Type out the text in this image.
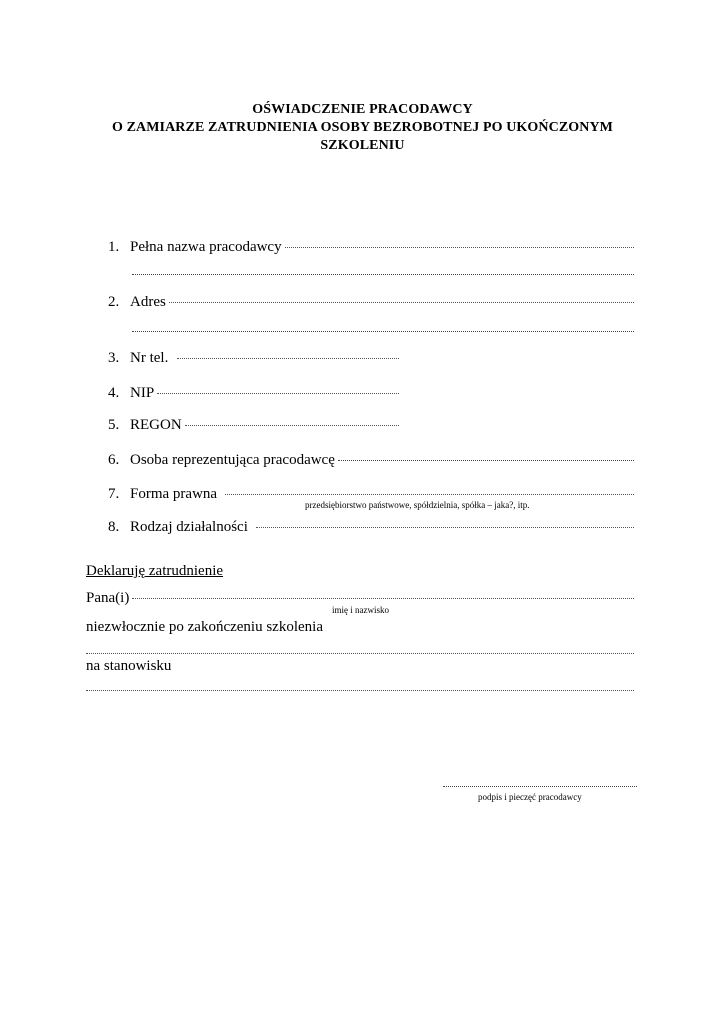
OŚWIADCZENIE PRACODAWCY
O ZAMIARZE ZATRUDNIENIA OSOBY BEZROBOTNEJ PO UKOŃCZONYM
SZKOLENIU
1. Pełna nazwa pracodawcy
2. Adres
3. Nr tel.
4. NIP
5. REGON
6. Osoba reprezentująca pracodawcę
7. Forma prawna
przedsiębiorstwo państwowe, spółdzielnia, spółka – jaka?, itp.
8. Rodzaj działalności
Deklaruję zatrudnienie
Pana(i)
imię i nazwisko
niezwłocznie po zakończeniu szkolenia
na stanowisku
podpis i pieczęć pracodawcy
